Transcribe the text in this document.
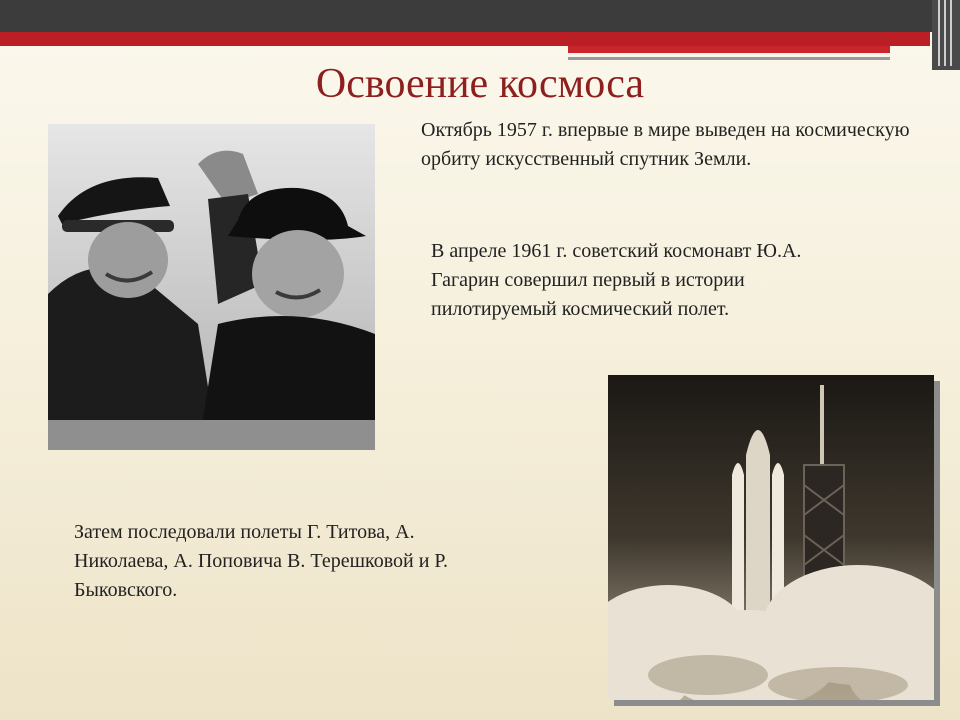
Освоение космоса
Октябрь 1957 г. впервые в мире выведен на космическую орбиту искусственный спутник Земли.
В апреле 1961 г. советский космонавт Ю.А. Гагарин совершил первый в истории пилотируемый космический полет.
Затем последовали полеты Г. Титова, А. Николаева, А. Поповича В. Терешковой и Р. Быковского.
